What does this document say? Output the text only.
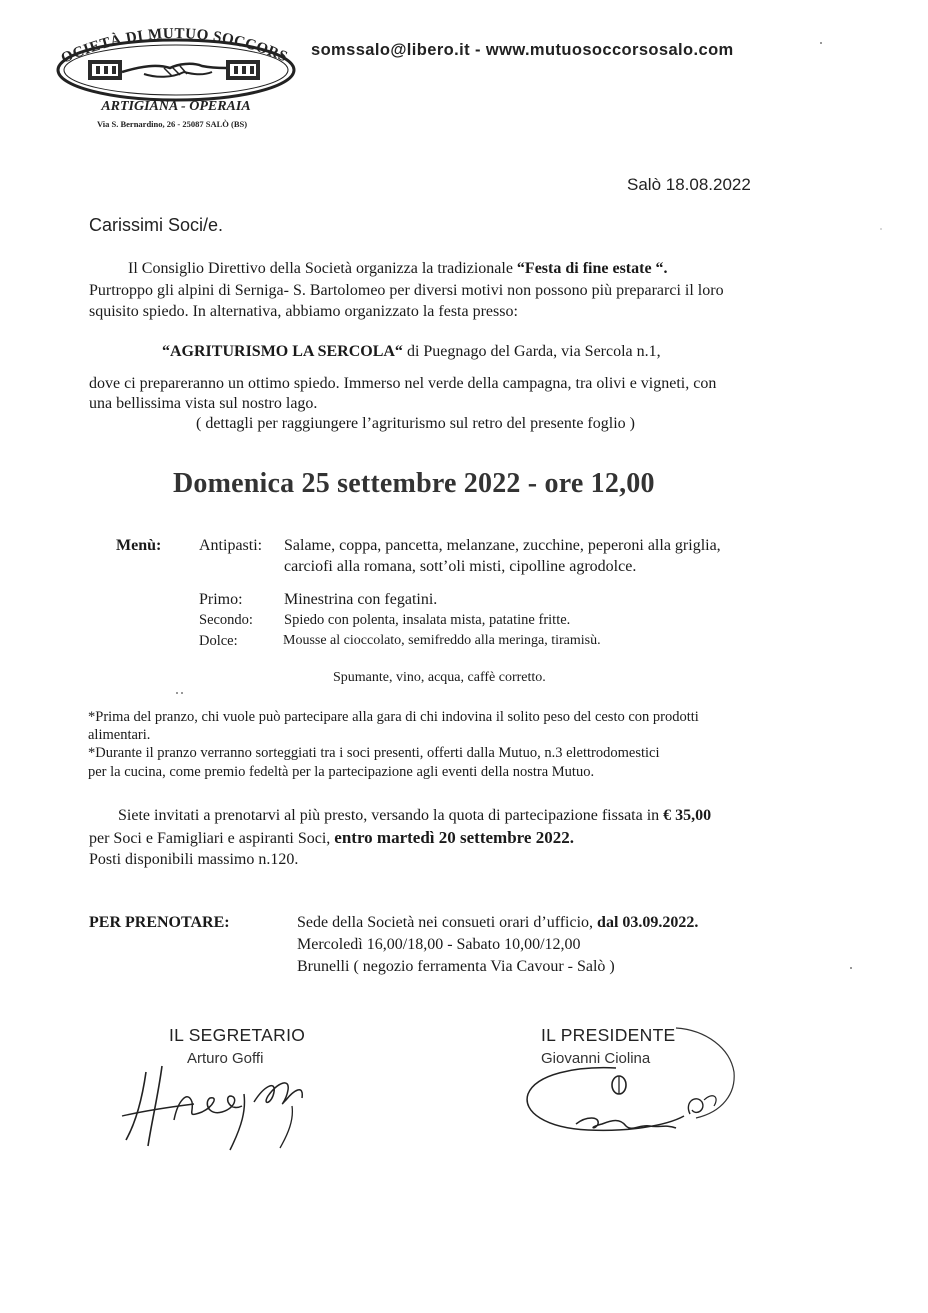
OCIETÀ DI MUTUO SOCCORS
ARTIGIANA - OPERAIA
Via S. Bernardino, 26 - 25087 SALÒ (BS)
somssalo@libero.it - www.mutuosoccorsosalo.com
Salò 18.08.2022
Carissimi Soci/e.
Il Consiglio Direttivo della Società organizza la tradizionale “Festa di fine estate “.
Purtroppo gli alpini di Serniga- S. Bartolomeo per diversi motivi non possono più prepararci il loro
squisito spiedo. In alternativa, abbiamo organizzato la festa presso:
“AGRITURISMO LA SERCOLA“ di Puegnago del Garda, via Sercola n.1,
dove ci prepareranno un ottimo spiedo. Immerso nel verde della campagna, tra olivi e vigneti, con
una bellissima vista sul nostro lago.
( dettagli per raggiungere l’agriturismo sul retro del presente foglio )
Domenica 25 settembre 2022 - ore 12,00
Menù: Antipasti: Salame, coppa, pancetta, melanzane, zucchine, peperoni alla griglia,
carciofi alla romana, sott’oli misti, cipolline agrodolce.
Primo:	Minestrina con fegatini.
Secondo: Spiedo con polenta, insalata mista, patatine fritte.
Dolce:	Mousse al cioccolato, semifreddo alla meringa, tiramisù.
Spumante, vino, acqua, caffè corretto.
*Prima del pranzo, chi vuole può partecipare alla gara di chi indovina il solito peso del cesto con prodotti
alimentari.
*Durante il pranzo verranno sorteggiati tra i soci presenti, offerti dalla Mutuo, n.3 elettrodomestici
per la cucina, come premio fedeltà per la partecipazione agli eventi della nostra Mutuo.
Siete invitati a prenotarvi al più presto, versando la quota di partecipazione fissata in € 35,00
per Soci e Famigliari e aspiranti Soci, entro martedì 20 settembre 2022.
Posti disponibili massimo n.120.
PER PRENOTARE:	Sede della Società nei consueti orari d’ufficio, dal 03.09.2022.
Mercoledì 16,00/18,00 - Sabato 10,00/12,00
Brunelli ( negozio ferramenta Via Cavour - Salò )
IL SEGRETARIO
Arturo Goffi
IL PRESIDENTE
Giovanni Ciolina
